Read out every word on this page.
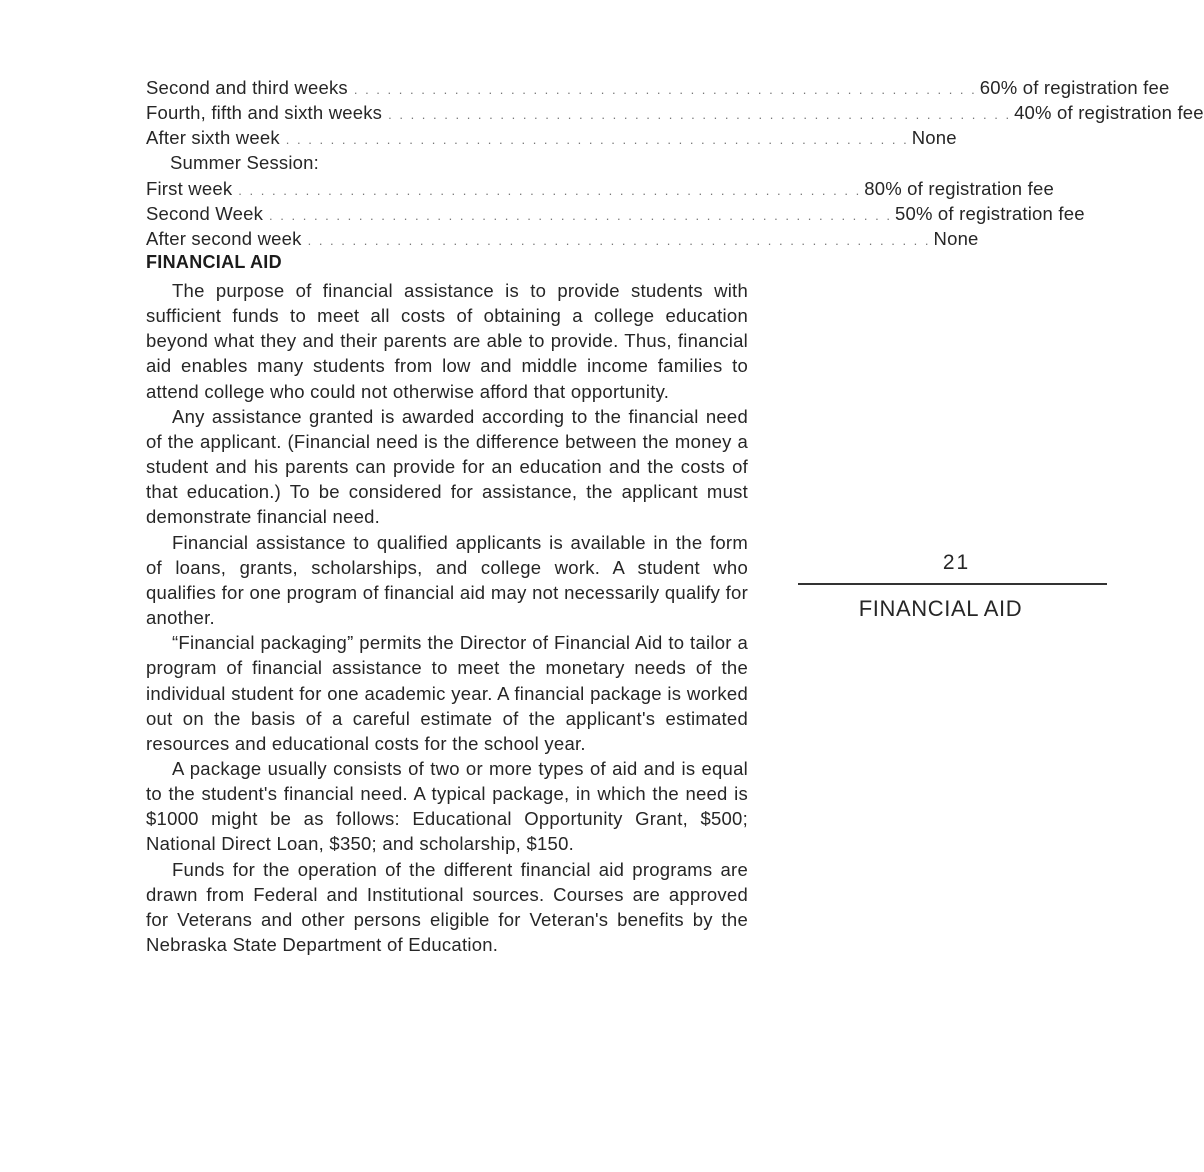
Second and third weeks . . . . . . . . . . . . . . . . . . . . . . . . . . . . . . . . . . . . . . . . . . . . . . . . . . . . . . . . 60% of registration fee
Fourth, fifth and sixth weeks . . . . . . . . . . . . . . . . . . . . . . . . . . . . . . . . . . . . . . . . . . . . . . . . . . . . . . . . 40% of registration fee
After sixth week . . . . . . . . . . . . . . . . . . . . . . . . . . . . . . . . . . . . . . . . . . . . . . . . . . . . . . . . None
Summer Session:
First week . . . . . . . . . . . . . . . . . . . . . . . . . . . . . . . . . . . . . . . . . . . . . . . . . . . . . . . . 80% of registration fee
Second Week . . . . . . . . . . . . . . . . . . . . . . . . . . . . . . . . . . . . . . . . . . . . . . . . . . . . . . . . 50% of registration fee
After second week . . . . . . . . . . . . . . . . . . . . . . . . . . . . . . . . . . . . . . . . . . . . . . . . . . . . . . . . None
FINANCIAL AID

The purpose of financial assistance is to provide students with sufficient funds to meet all costs of obtaining a college education beyond what they and their parents are able to provide. Thus, financial aid enables many students from low and middle income families to attend college who could not otherwise afford that opportunity.

Any assistance granted is awarded according to the financial need of the applicant. (Financial need is the difference between the money a student and his parents can provide for an education and the costs of that education.) To be considered for assistance, the applicant must demonstrate financial need.

Financial assistance to qualified applicants is available in the form of loans, grants, scholarships, and college work. A student who qualifies for one program of financial aid may not necessarily qualify for another.

“Financial packaging” permits the Director of Financial Aid to tailor a program of financial assistance to meet the monetary needs of the individual student for one academic year. A financial package is worked out on the basis of a careful estimate of the applicant's estimated resources and educational costs for the school year.

A package usually consists of two or more types of aid and is equal to the student's financial need. A typical package, in which the need is $1000 might be as follows: Educational Opportunity Grant, $500; National Direct Loan, $350; and scholarship, $150.

Funds for the operation of the different financial aid programs are drawn from Federal and Institutional sources. Courses are approved for Veterans and other persons eligible for Veteran's benefits by the Nebraska State Department of Education.

21
FINANCIAL AID
